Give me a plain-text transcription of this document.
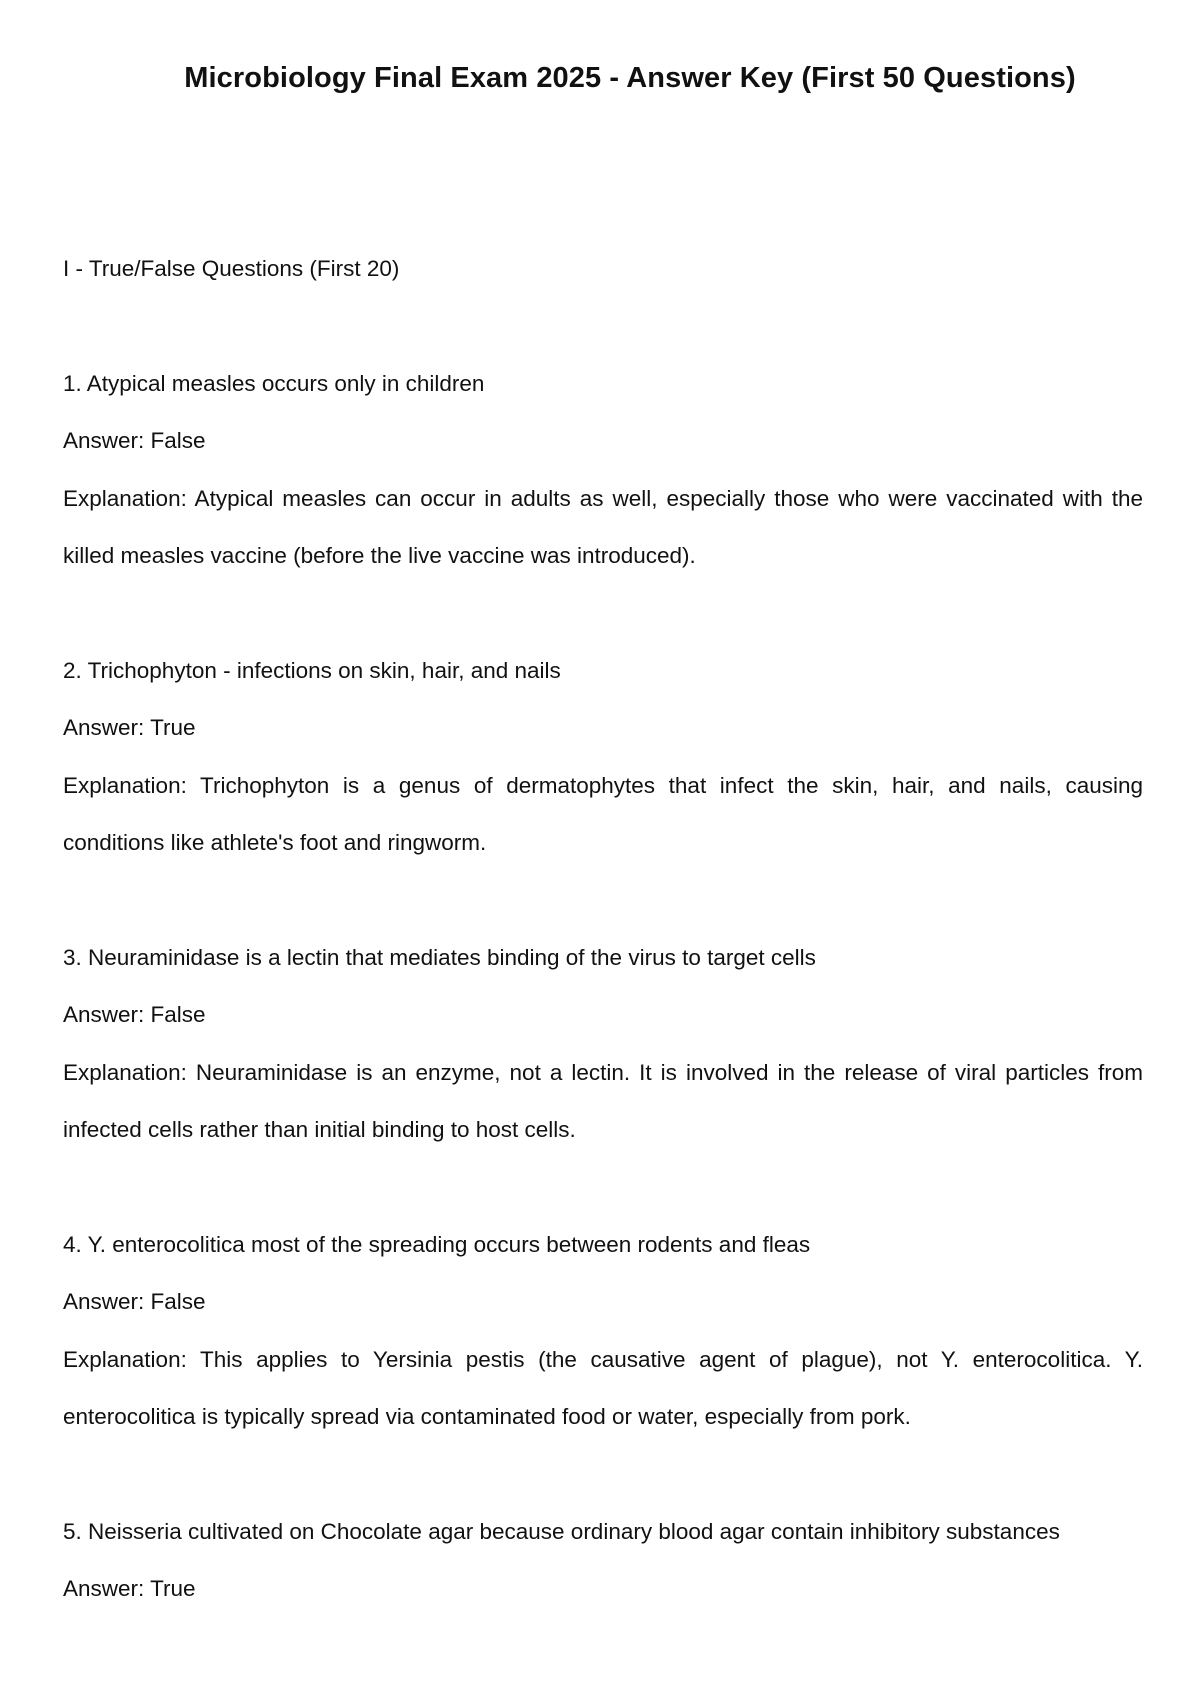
Microbiology Final Exam 2025 - Answer Key (First 50 Questions)

I - True/False Questions (First 20)

1. Atypical measles occurs only in children

Answer: False

Explanation: Atypical measles can occur in adults as well, especially those who were vaccinated with the killed measles vaccine (before the live vaccine was introduced).

2. Trichophyton - infections on skin, hair, and nails

Answer: True

Explanation: Trichophyton is a genus of dermatophytes that infect the skin, hair, and nails, causing conditions like athlete's foot and ringworm.

3. Neuraminidase is a lectin that mediates binding of the virus to target cells

Answer: False

Explanation: Neuraminidase is an enzyme, not a lectin. It is involved in the release of viral particles from infected cells rather than initial binding to host cells.

4. Y. enterocolitica most of the spreading occurs between rodents and fleas

Answer: False

Explanation: This applies to Yersinia pestis (the causative agent of plague), not Y. enterocolitica. Y. enterocolitica is typically spread via contaminated food or water, especially from pork.

5. Neisseria cultivated on Chocolate agar because ordinary blood agar contain inhibitory substances

Answer: True
